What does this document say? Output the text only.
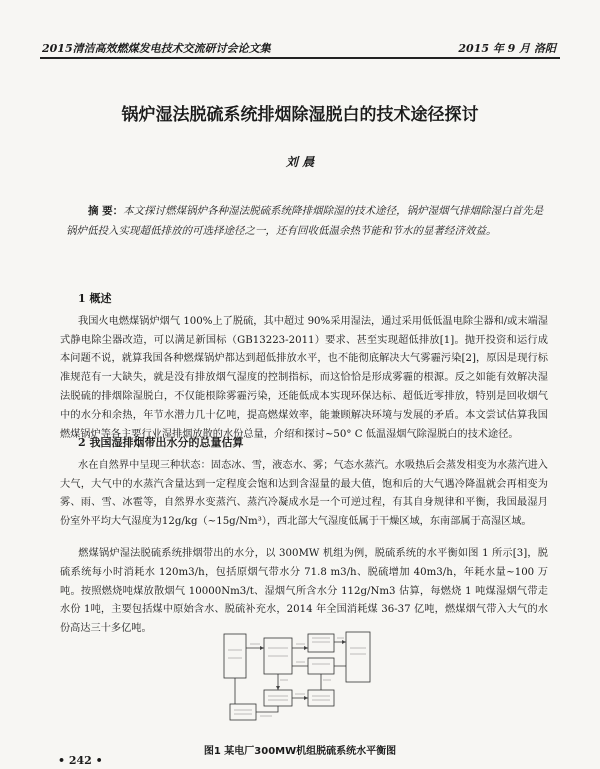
2015清洁高效燃煤发电技术交流研讨会论文集	2015 年 9 月 洛阳
锅炉湿法脱硫系统排烟除湿脱白的技术途径探讨
刘 晨
摘 要：本文探讨燃煤锅炉各种湿法脱硫系统降排烟除湿的技术途径，锅炉湿烟气排烟除湿白首先是锅炉低投入实现超低排放的可选择途径之一，还有回收低温余热节能和节水的显著经济效益。
1 概述
我国火电燃煤锅炉烟气 100%上了脱硫，其中超过 90%采用湿法，通过采用低低温电除尘器和/或末端湿式静电除尘器改造，可以满足新国标（GB13223-2011）要求、甚至实现超低排放[1]。抛开投资和运行成本问题不说，就算我国各种燃煤锅炉都达到超低排放水平，也不能彻底解决大气雾霾污染[2]，原因是现行标准规范有一大缺失，就是没有排放烟气湿度的控制指标，而这恰恰是形成雾霾的根源。反之如能有效解决湿法脱硫的排烟除湿脱白，不仅能根除雾霾污染，还能低成本实现环保达标、超低近零排放，特别是回收烟气中的水分和余热，年节水潜力几十亿吨，提高燃煤效率，能兼顾解决环境与发展的矛盾。本文尝试估算我国燃煤锅炉等各主要行业湿排烟放散的水份总量，介绍和探讨~50° C 低温湿烟气除湿脱白的技术途径。
2 我国湿排烟带出水分的总量估算
水在自然界中呈现三种状态：固态冰、雪，液态水、雾；气态水蒸汽。水吸热后会蒸发相变为水蒸汽进入大气，大气中的水蒸汽含量达到一定程度会饱和达到含湿量的最大值，饱和后的大气遇冷降温就会再相变为雾、雨、雪、冰雹等，自然界水变蒸汽、蒸汽冷凝成水是一个可逆过程，有其自身规律和平衡，我国最湿月份室外平均大气湿度为12g/kg（~15g/Nm³），西北部大气湿度低属于干燥区域，东南部属于高湿区域。
燃煤锅炉湿法脱硫系统排烟带出的水分，以 300MW 机组为例，脱硫系统的水平衡如图 1 所示[3]，脱硫系统每小时消耗水 120m3/h，包括原烟气带水分 71.8 m3/h、脱硫增加 40m3/h，年耗水量~100 万吨。按照燃烧吨煤放散烟气 10000Nm3/t、湿烟气所含水分 112g/Nm3 估算，每燃烧 1 吨煤湿烟气带走水份 1吨，主要包括煤中原始含水、脱硫补充水，2014 年全国消耗煤 36-37 亿吨，燃煤烟气带入大气的水份高达三十多亿吨。
图1 某电厂300MW机组脱硫系统水平衡图
• 242 •
